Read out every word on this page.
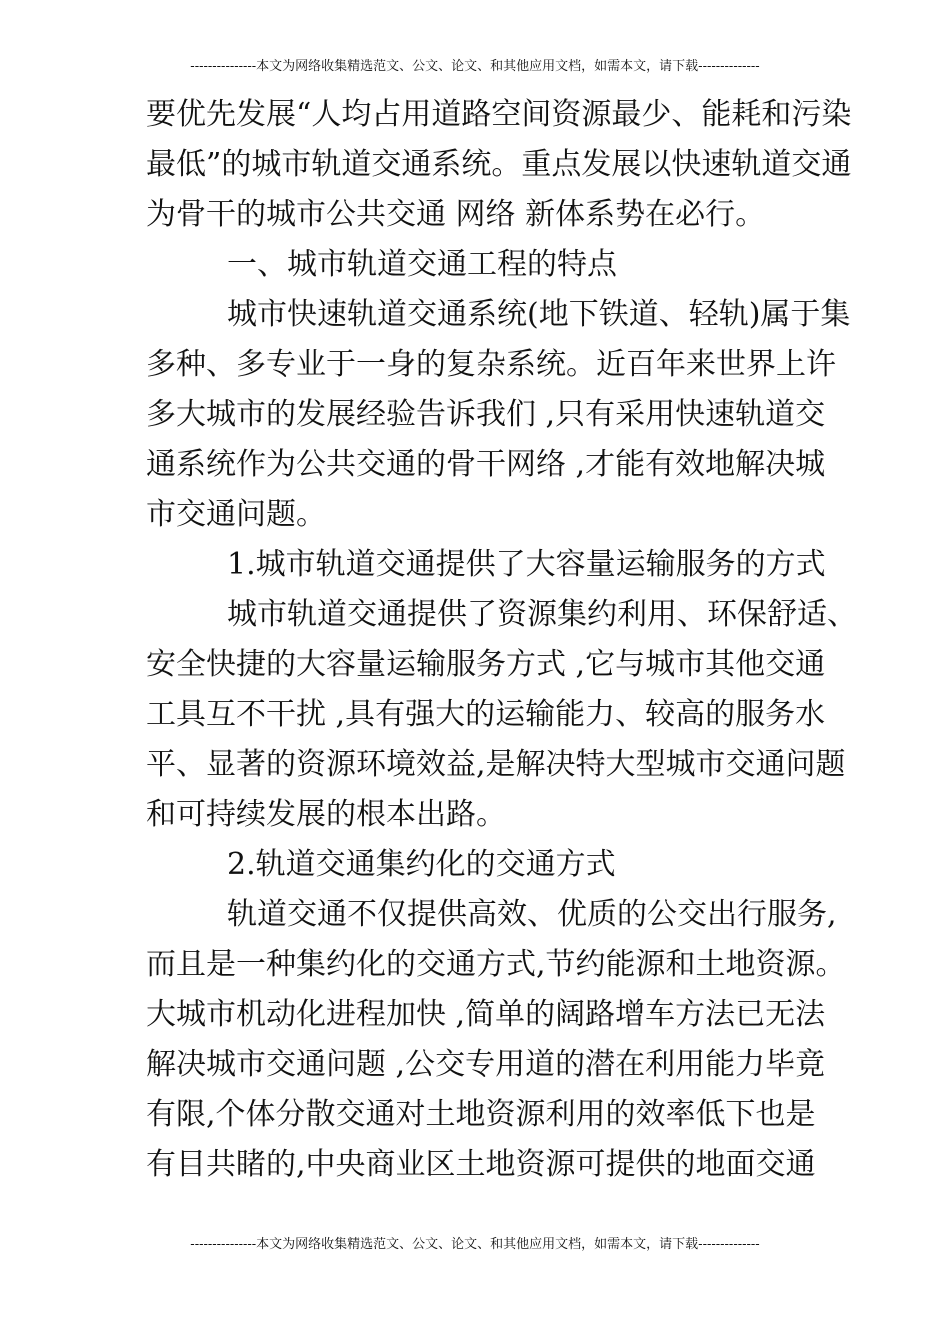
---------------本文为网络收集精选范文、公文、论文、和其他应用文档，如需本文，请下载--------------
要优先发展“人均占用道路空间资源最少、能耗和污染
最低”的城市轨道交通系统。重点发展以快速轨道交通
为骨干的城市公共交通 网络 新体系势在必行。
一、城市轨道交通工程的特点
城市快速轨道交通系统(地下铁道、轻轨)属于集
多种、多专业于一身的复杂系统。近百年来世界上许
多大城市的发展经验告诉我们 ,只有采用快速轨道交
通系统作为公共交通的骨干网络 ,才能有效地解决城
市交通问题。
1.城市轨道交通提供了大容量运输服务的方式
城市轨道交通提供了资源集约利用、环保舒适、
安全快捷的大容量运输服务方式 ,它与城市其他交通
工具互不干扰 ,具有强大的运输能力、较高的服务水
平、显著的资源环境效益,是解决特大型城市交通问题
和可持续发展的根本出路。
2.轨道交通集约化的交通方式
轨道交通不仅提供高效、优质的公交出行服务,
而且是一种集约化的交通方式,节约能源和土地资源。
大城市机动化进程加快 ,简单的阔路增车方法已无法
解决城市交通问题 ,公交专用道的潜在利用能力毕竟
有限,个体分散交通对土地资源利用的效率低下也是
有目共睹的,中央商业区土地资源可提供的地面交通
---------------本文为网络收集精选范文、公文、论文、和其他应用文档，如需本文，请下载--------------
